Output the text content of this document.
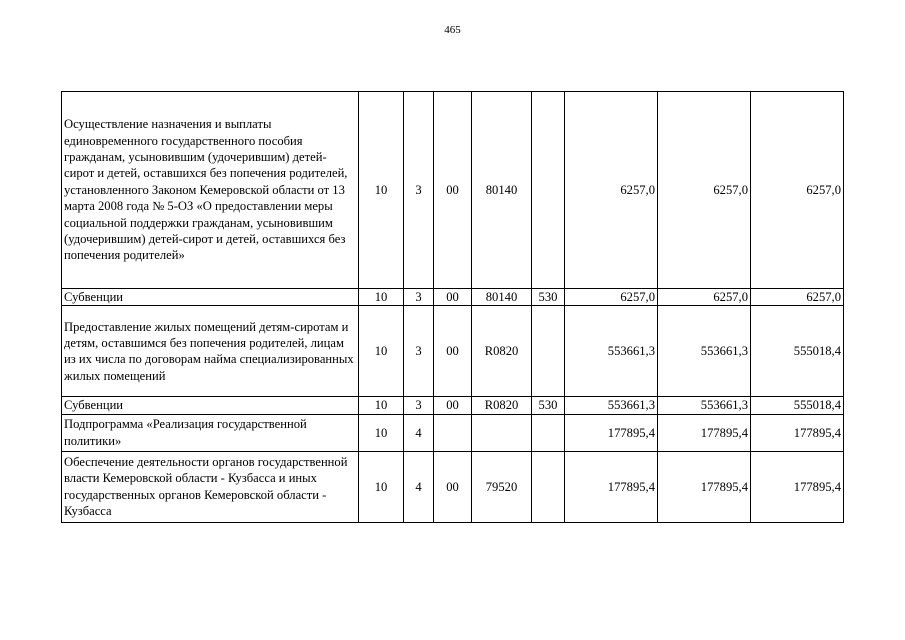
465
Осуществление назначения и выплаты единовременного государственного пособия гражданам, усыновившим (удочерившим) детей-сирот и детей, оставшихся без попечения родителей, установленного Законом Кемеровской области от 13 марта 2008 года № 5-ОЗ «О предоставлении меры социальной поддержки гражданам, усыновившим (удочерившим) детей-сирот и детей, оставшихся без попечения родителей»	10	3	00	80140		6257,0	6257,0	6257,0
Субвенции	10	3	00	80140	530	6257,0	6257,0	6257,0
Предоставление жилых помещений детям-сиротам и детям, оставшимся без попечения родителей, лицам из их числа по договорам найма специализированных жилых помещений	10	3	00	R0820		553661,3	553661,3	555018,4
Субвенции	10	3	00	R0820	530	553661,3	553661,3	555018,4
Подпрограмма «Реализация государственной политики»	10	4				177895,4	177895,4	177895,4
Обеспечение деятельности органов государственной власти Кемеровской области - Кузбасса и иных государственных органов Кемеровской области - Кузбасса	10	4	00	79520		177895,4	177895,4	177895,4
